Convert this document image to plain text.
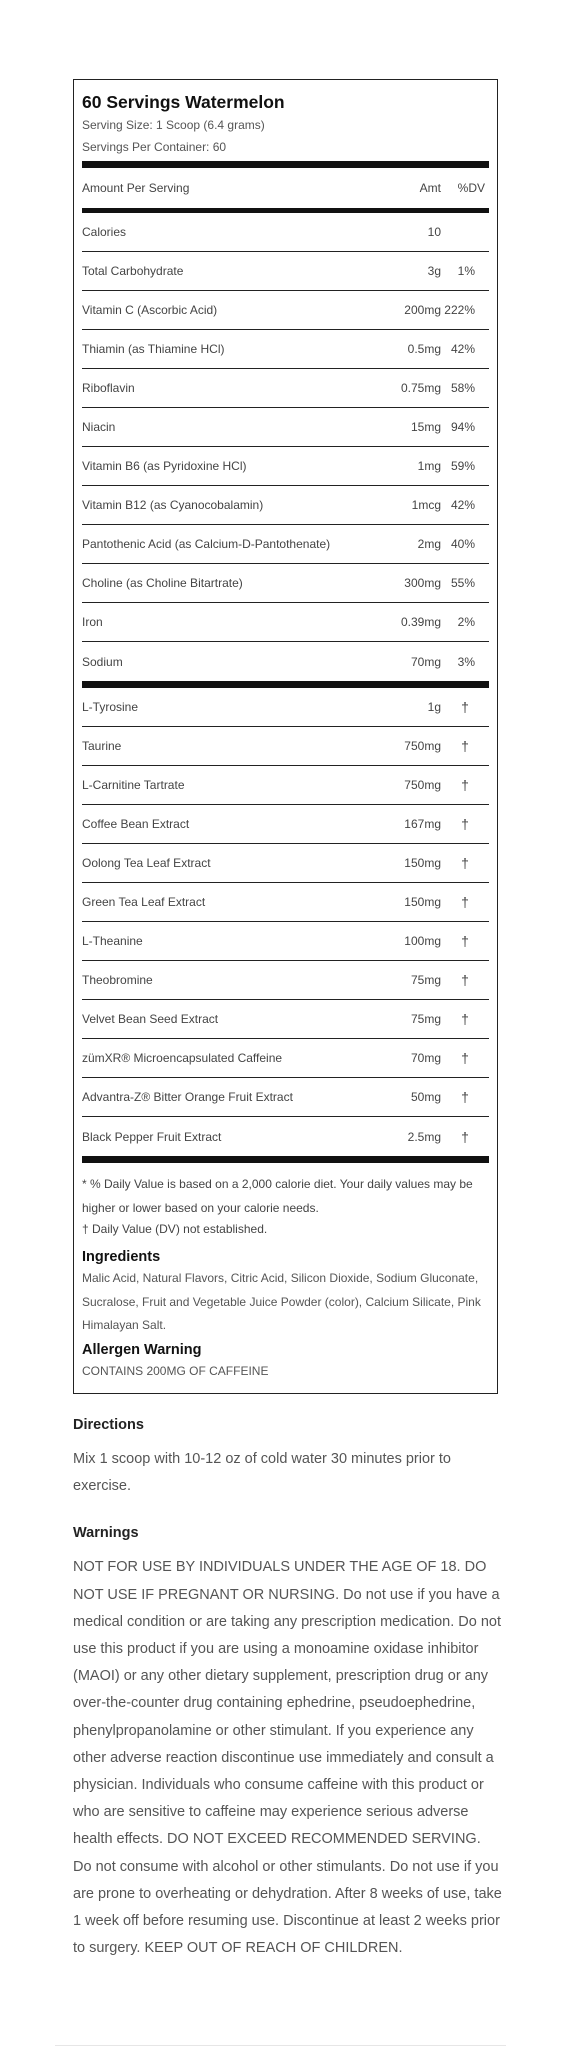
60 Servings Watermelon
Serving Size: 1 Scoop (6.4 grams)
Servings Per Container: 60
Amount Per Serving	Amt	%DV
Calories	10
Total Carbohydrate	3g	1%
Vitamin C (Ascorbic Acid)	200mg 222%
Thiamin (as Thiamine HCl)	0.5mg 42%
Riboflavin	0.75mg 58%
Niacin	15mg 94%
Vitamin B6 (as Pyridoxine HCl)	1mg 59%
Vitamin B12 (as Cyanocobalamin)	1mcg 42%
Pantothenic Acid (as Calcium-D-Pantothenate)	2mg 40%
Choline (as Choline Bitartrate)	300mg 55%
Iron	0.39mg	2%
Sodium	70mg	3%
L-Tyrosine	1g	†
Taurine	750mg	†
L-Carnitine Tartrate	750mg	†
Coffee Bean Extract	167mg	†
Oolong Tea Leaf Extract	150mg	†
Green Tea Leaf Extract	150mg	†
L-Theanine	100mg	†
Theobromine	75mg	†
Velvet Bean Seed Extract	75mg	†
zümXR® Microencapsulated Caffeine	70mg	†
Advantra-Z® Bitter Orange Fruit Extract	50mg	†
Black Pepper Fruit Extract	2.5mg	†
* % Daily Value is based on a 2,000 calorie diet. Your daily values may be higher or lower based on your calorie needs.
† Daily Value (DV) not established.
Ingredients
Malic Acid, Natural Flavors, Citric Acid, Silicon Dioxide, Sodium Gluconate, Sucralose, Fruit and Vegetable Juice Powder (color), Calcium Silicate, Pink Himalayan Salt.
Allergen Warning
CONTAINS 200MG OF CAFFEINE
Directions
Mix 1 scoop with 10-12 oz of cold water 30 minutes prior to exercise.
Warnings
NOT FOR USE BY INDIVIDUALS UNDER THE AGE OF 18. DO NOT USE IF PREGNANT OR NURSING. Do not use if you have a medical condition or are taking any prescription medication. Do not use this product if you are using a monoamine oxidase inhibitor (MAOI) or any other dietary supplement, prescription drug or any over-the-counter drug containing ephedrine, pseudoephedrine, phenylpropanolamine or other stimulant. If you experience any other adverse reaction discontinue use immediately and consult a physician. Individuals who consume caffeine with this product or who are sensitive to caffeine may experience serious adverse health effects. DO NOT EXCEED RECOMMENDED SERVING. Do not consume with alcohol or other stimulants. Do not use if you are prone to overheating or dehydration. After 8 weeks of use, take 1 week off before resuming use. Discontinue at least 2 weeks prior to surgery. KEEP OUT OF REACH OF CHILDREN.
